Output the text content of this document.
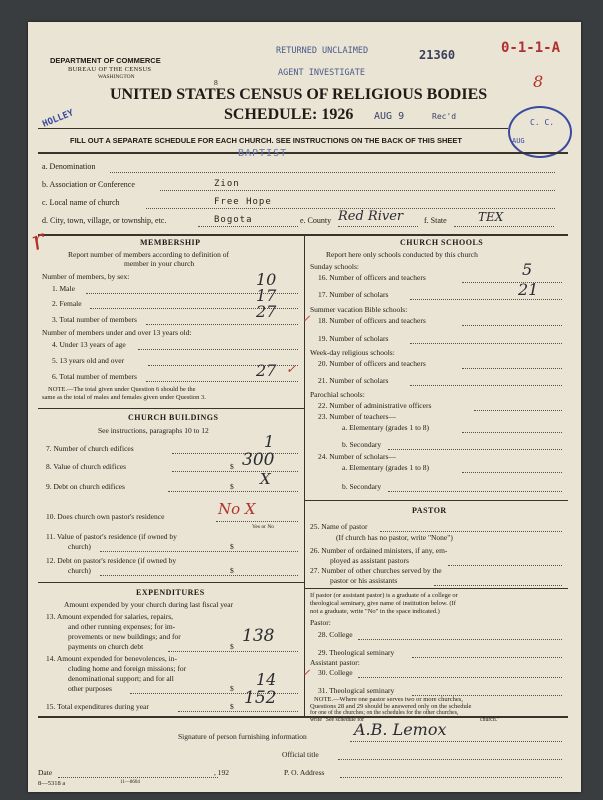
DEPARTMENT OF COMMERCE
BUREAU OF THE CENSUS
WASHINGTON
RETURNED UNCLAIMED
AGENT INVESTIGATE
21360	0-1-1-A
8
8
HOLLEY
UNITED STATES CENSUS OF RELIGIOUS BODIES
SCHEDULE: 1926 AUG 9	Rec'd
C. C.
AUG
FILL OUT A SEPARATE SCHEDULE FOR EACH CHURCH. SEE INSTRUCTIONS ON THE BACK OF THIS SHEET
a. Denomination
BAPTIST
b. Association or Conference	Zion
c. Local name of church	Free Hope
d. City, town, village, or township, etc.	Bogota	e. County Red River	f. State	TEX
r	MEMBERSHIP
Report number of members according to definition of
member in your church
Number of members, by sex:
1. Male	10
2. Female	17
3. Total number of members	27
Number of members under and over 13 years old:
4. Under 13 years of age
5. 13 years old and over
6. Total number of members	27 ✓
NOTE.—The total given under Question 6 should be the
same as the total of males and females given under Question 3.
CHURCH BUILDINGS
See instructions, paragraphs 10 to 12
7. Number of church edifices	1
8. Value of church edifices	$ 300
9. Debt on church edifices	$ X
10. Does church own pastor's residence	No X
Yes or No
11. Value of pastor's residence (if owned by
church)	$
12. Debt on pastor's residence (if owned by
church)	$
EXPENDITURES
Amount expended by your church during last fiscal year
13. Amount expended for salaries, repairs,
and other running expenses; for im-
provements or new buildings; and for
payments on church debt	$
138
14. Amount expended for benevolences, in-
cluding home and foreign missions; for
denominational support; and for all
other purposes	$ 14
15. Total expenditures during year	$ 152
CHURCH SCHOOLS
Report here only schools conducted by this church
Sunday schools:
16. Number of officers and teachers	5
17. Number of scholars	21
Summer vacation Bible schools:
18. Number of officers and teachers
✓
19. Number of scholars
Week-day religious schools:
20. Number of officers and teachers
21. Number of scholars
Parochial schools:
22. Number of administrative officers
23. Number of teachers—
a. Elementary (grades 1 to 8)
b. Secondary
24. Number of scholars—
a. Elementary (grades 1 to 8)
b. Secondary
PASTOR
25. Name of pastor
(If church has no pastor, write "None")
26. Number of ordained ministers, if any, em-
ployed as assistant pastors
27. Number of other churches served by the
pastor or his assistants
If pastor (or assistant pastor) is a graduate of a college or
theological seminary, give name of institution below. (If
not a graduate, write "No" in the space indicated.)
Pastor:
28. College
29. Theological seminary
Assistant pastor:
30. College
✓
31. Theological seminary
NOTE.—Where one pastor serves two or more churches,
Questions 28 and 29 should be answered only on the schedule
for one of the churches; on the schedules for the other churches,
write "See schedule for	church."
Signature of person furnishing information	A.B. Lemox
Official title
Date	, 192	P. O. Address
8—5318 a	11—8604
